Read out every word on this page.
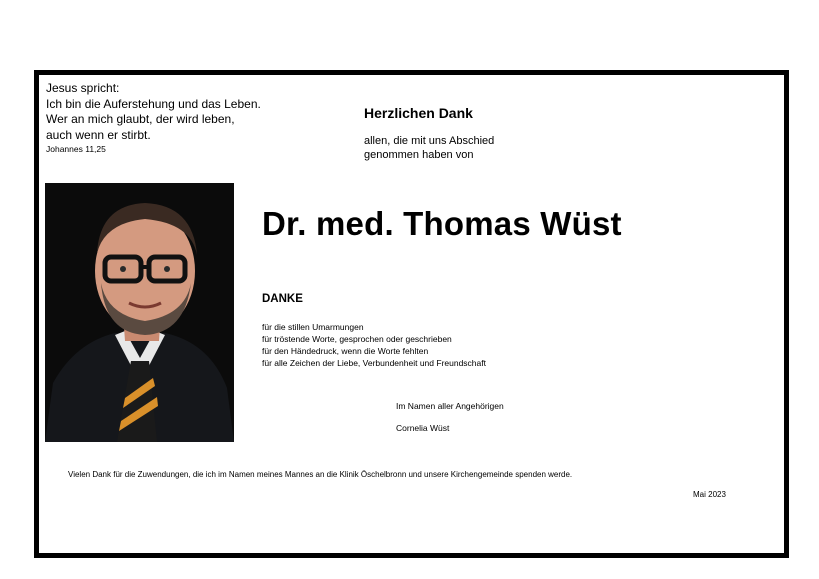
Jesus spricht:
Ich bin die Auferstehung und das Leben.
Wer an mich glaubt, der wird leben,
auch wenn er stirbt.
Johannes 11,25
Herzlichen Dank
allen, die mit uns Abschied
genommen haben von
Dr. med. Thomas Wüst
DANKE
für die stillen Umarmungen
für tröstende Worte, gesprochen oder geschrieben
für den Händedruck, wenn die Worte fehlten
für alle Zeichen der Liebe, Verbundenheit und Freundschaft
Im Namen aller Angehörigen
Cornelia Wüst
Vielen Dank für die Zuwendungen, die ich im Namen meines Mannes an die Klinik Öschelbronn und unsere Kirchengemeinde spenden werde.
Mai 2023
